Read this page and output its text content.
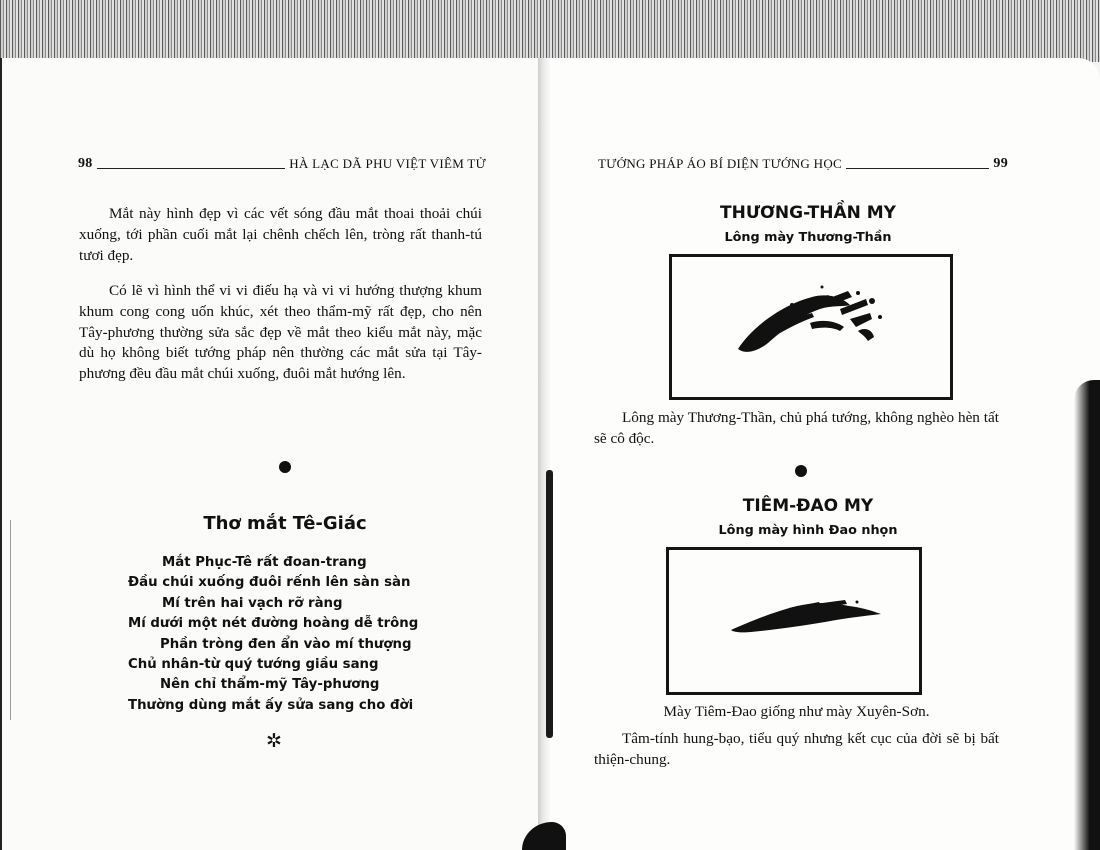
98	HÀ LẠC DÃ PHU VIỆT VIÊM TỬ
Mắt này hình đẹp vì các vết sóng đầu mắt thoai thoải chúi xuống, tới phần cuối mắt lại chênh chếch lên, tròng rất thanh-tú tươi đẹp.
Có lẽ vì hình thể vi vi điếu hạ và vi vi hướng thượng khum khum cong cong uốn khúc, xét theo thẩm-mỹ rất đẹp, cho nên Tây-phương thường sửa sắc đẹp về mắt theo kiểu mắt này, mặc dù họ không biết tướng pháp nên thường các mắt sửa tại Tây-phương đều đầu mắt chúi xuống, đuôi mắt hướng lên.
Thơ mắt Tê-Giác
Mắt Phục-Tê rất đoan-trang
Đầu chúi xuống đuôi rếnh lên sàn sàn
Mí trên hai vạch rỡ ràng
Mí dưới một nét đường hoàng dễ trông
Phần tròng đen ẩn vào mí thượng
Chủ nhân-từ quý tướng giầu sang
Nên chỉ thẩm-mỹ Tây-phương
Thường dùng mắt ấy sửa sang cho đời
✲
TƯỚNG PHÁP ÁO BÍ DIỆN TƯỚNG HỌC	99
THƯƠNG-THẦN MY
Lông mày Thương-Thần
Lông mày Thương-Thần, chủ phá tướng, không nghèo hèn tất sẽ cô độc.
TIÊM-ĐAO MY
Lông mày hình Đao nhọn
Mày Tiêm-Đao giống như mày Xuyên-Sơn.
Tâm-tính hung-bạo, tiểu quý nhưng kết cục của đời sẽ bị bất thiện-chung.
